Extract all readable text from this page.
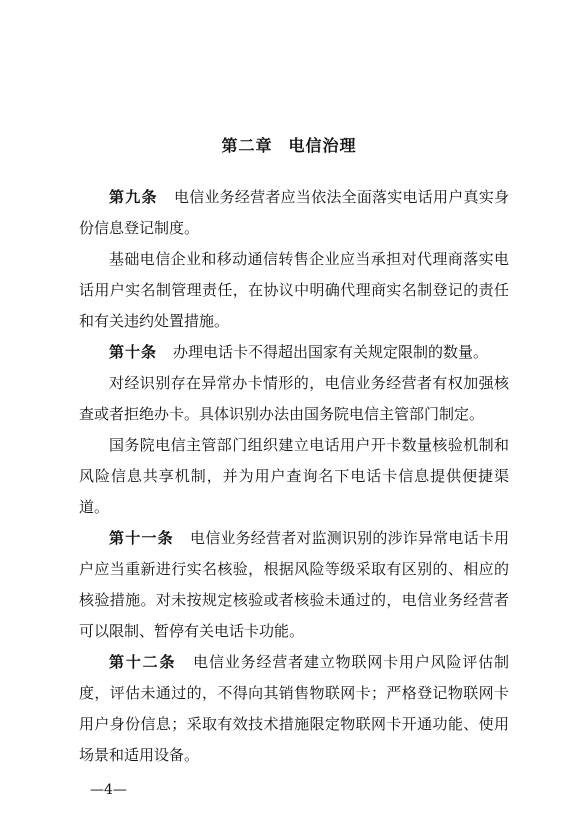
第二章 电信治理

第九条 电信业务经营者应当依法全面落实电话用户真实身份信息登记制度。

基础电信企业和移动通信转售企业应当承担对代理商落实电话用户实名制管理责任，在协议中明确代理商实名制登记的责任和有关违约处置措施。

第十条 办理电话卡不得超出国家有关规定限制的数量。

对经识别存在异常办卡情形的，电信业务经营者有权加强核查或者拒绝办卡。具体识别办法由国务院电信主管部门制定。

国务院电信主管部门组织建立电话用户开卡数量核验机制和风险信息共享机制，并为用户查询名下电话卡信息提供便捷渠道。

第十一条 电信业务经营者对监测识别的涉诈异常电话卡用户应当重新进行实名核验，根据风险等级采取有区别的、相应的核验措施。对未按规定核验或者核验未通过的，电信业务经营者可以限制、暂停有关电话卡功能。

第十二条 电信业务经营者建立物联网卡用户风险评估制度，评估未通过的，不得向其销售物联网卡；严格登记物联网卡用户身份信息；采取有效技术措施限定物联网卡开通功能、使用场景和适用设备。

—4—
